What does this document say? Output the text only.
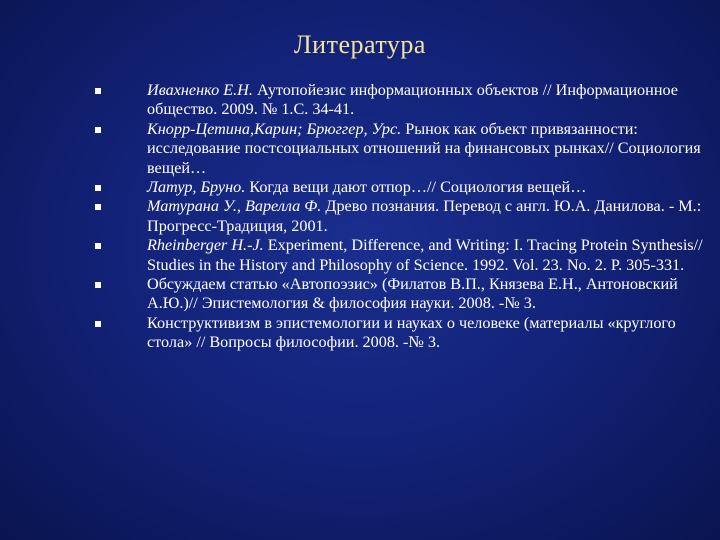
Литература
Ивахненко Е.Н. Аутопойезис информационных объектов // Информационное общество. 2009. № 1.С. 34-41.
Кнорр-Цетина,Карин; Брюггер, Урс. Рынок как объект привязанности: исследование постсоциальных отношений на финансовых рынках// Социология вещей…
Латур, Бруно. Когда вещи дают отпор…// Социология вещей…
Матурана У., Варелла Ф. Древо познания. Перевод с англ. Ю.А. Данилова. - М.: Прогресс-Традиция, 2001.
Rheinberger H.-J. Experiment, Difference, and Writing: I. Tracing Protein Synthesis// Studies in the History and Philosophy of Science. 1992. Vol. 23. No. 2. P. 305-331.
Обсуждаем статью «Автопоэзис» (Филатов В.П., Князева Е.Н., Антоновский А.Ю.)// Эпистемология & философия науки. 2008. -№ 3.
Конструктивизм в эпистемологии и науках о человеке (материалы «круглого стола» // Вопросы философии. 2008. -№ 3.
